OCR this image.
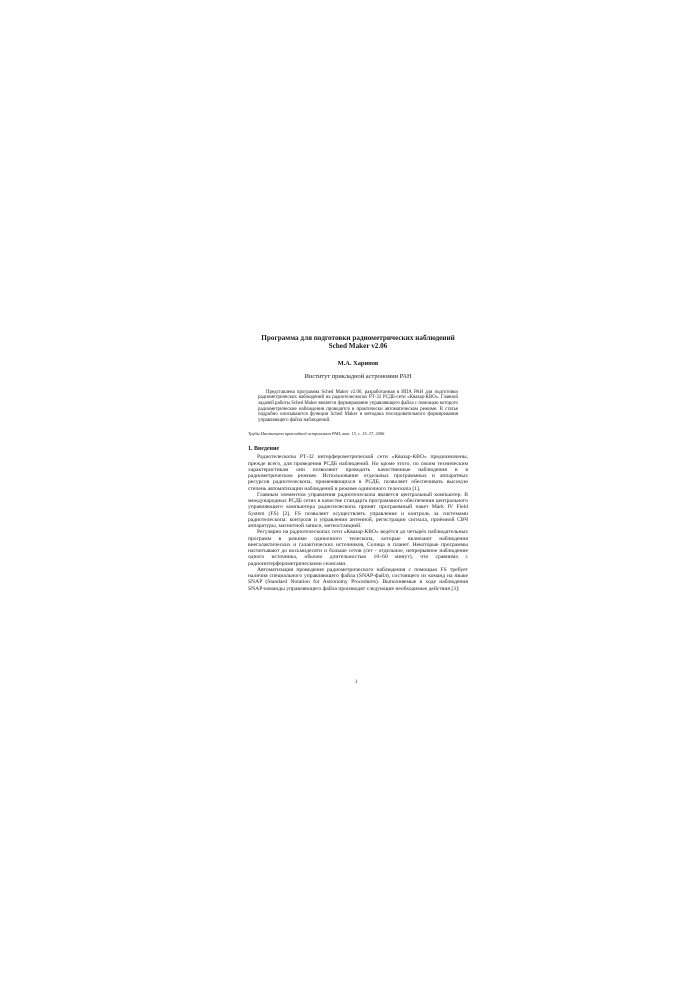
Программа для подготовки радиометрических наблюдений
Sched Maker v2.06

М.А. Харинов

Институт прикладной астрономии РАН

Представлена программа Sched Maker v2.06, разработанная в ИПА РАН для подготовки радиометрических наблюдений на радиотелескопах РТ-32 РСДБ-сети «Квазар-КВО». Главной задачей работы Sched Maker является формирование управляющего файла с помощью которого радиометрические наблюдения проводятся в практически автоматическом режиме. В статье подробно описываются функции Sched Maker и методика последовательного формирования управляющего файла наблюдений.

Труды Института прикладной астрономии РАН, вып. 15, с. 15–37, 2006.

1. Введение

Радиотелескопы РТ-32 интерферометрической сети «Квазар-КВО» предназначены, прежде всего, для проведения РСДБ наблюдений. Но кроме этого, по своим техническим характеристикам они позволяют проводить качественные наблюдения и в радиометрическом режиме. Использование отдельных программных и аппаратных ресурсов радиотелескопа, применяющихся в РСДБ, позволяет обеспечивать высокую степень автоматизации наблюдений в режиме одиночного телескопа [1].

Главным элементом управления радиотелескопа является центральный компьютер. В международных РСДБ сетях в качестве стандарта программного обеспечения центрального управляющего компьютера радиотелескопа принят программный пакет Mark IV Field System (FS) [2]. FS позволяет осуществлять управление и контроль за системами радиотелескопа: контроля и управления антенной, регистрации сигнала, приёмной СВЧ аппаратуры, магнитной записи, метеостанцией.

Регулярно на радиотелескопах сети «Квазар-КВО» ведётся до четырёх наблюдательных программ в режиме одиночного телескопа, которые включают наблюдения внегалактических и галактических источников, Солнца и планет. Некоторые программы насчитывают до восьмидесяти и больше сетов (сет - отдельное, непрерывное наблюдение одного источника, обычно длительностью 10÷60 минут), что сравнимо с радиоинтерферометрическими сеансами.

Автоматизация проведения радиометрического наблюдения с помощью FS требует наличия специального управляющего файла (SNAP-файл), состоящего из команд на языке SNAP (Standard Notation for Astronomy Procedures). Выполняемые в ходе наблюдения SNAP-команды управляющего файла производят следующие необходимые действия [3]:

1
